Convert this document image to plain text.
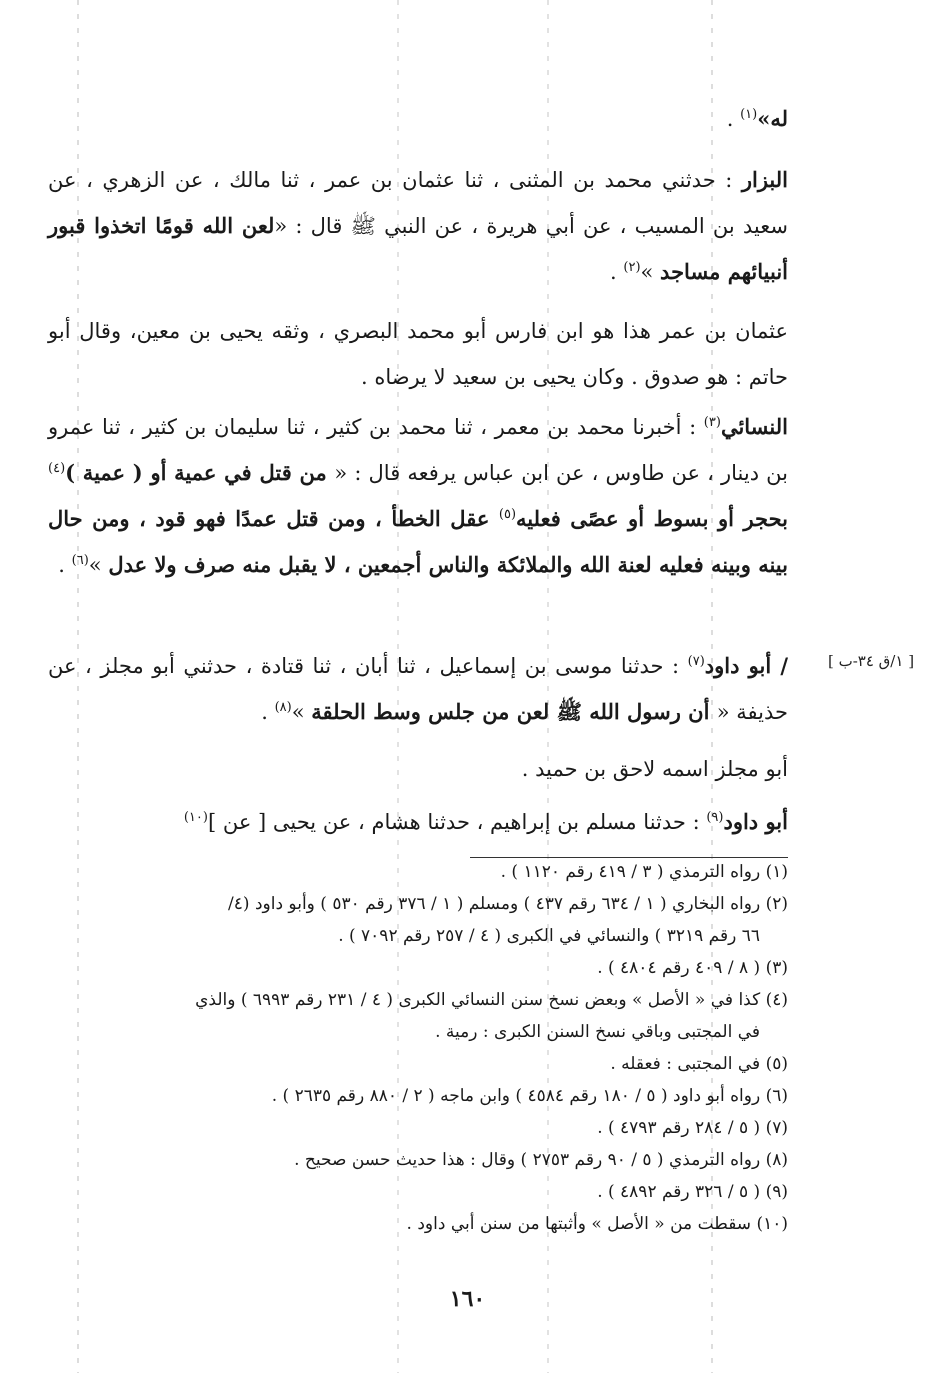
له»$^{(١)}$ .

البزار : حدثني محمد بن المثنى ، ثنا عثمان بن عمر ، ثنا مالك ، عن الزهري ، عن سعيد بن المسيب ، عن أبي هريرة ، عن النبي ﷺ قال : «لعن الله قومًا اتخذوا قبور أنبيائهم مساجد »$^{(٢)}$ .

عثمان بن عمر هذا هو ابن فارس أبو محمد البصري ، وثقه يحيى بن معين، وقال أبو حاتم : هو صدوق . وكان يحيى بن سعيد لا يرضاه .

النسائي$^{(٣)}$ : أخبرنا محمد بن معمر ، ثنا محمد بن كثير ، ثنا سليمان بن كثير ، ثنا عمرو بن دينار ، عن طاوس ، عن ابن عباس يرفعه قال : « من قتل في عمية أو ( عمية )$^{(٤)}$ بحجر أو بسوط أو عصًى فعليه$^{(٥)}$ عقل الخطأ ، ومن قتل عمدًا فهو قود ، ومن حال بينه وبينه فعليه لعنة الله والملائكة والناس أجمعين ، لا يقبل منه صرف ولا عدل »$^{(٦)}$ .

[ ١/ق ٣٤-ب ]

/ أبو داود$^{(٧)}$ : حدثنا موسى بن إسماعيل ، ثنا أبان ، ثنا قتادة ، حدثني أبو مجلز ، عن حذيفة « أن رسول الله ﷺ لعن من جلس وسط الحلقة »$^{(٨)}$ .

أبو مجلز اسمه لاحق بن حميد .

أبو داود$^{(٩)}$ : حدثنا مسلم بن إبراهيم ، حدثنا هشام ، عن يحيى [ عن ]$^{(١٠)}$

(١) رواه الترمذي ( ٣ / ٤١٩ رقم ١١٢٠ ) .

(٢) رواه البخاري ( ١ / ٦٣٤ رقم ٤٣٧ ) ومسلم ( ١ / ٣٧٦ رقم ٥٣٠ ) وأبو داود (٤/

٦٦ رقم ٣٢١٩ ) والنسائي في الكبرى ( ٤ / ٢٥٧ رقم ٧٠٩٢ ) .

(٣) ( ٨ / ٤٠٩ رقم ٤٨٠٤ ) .

(٤) كذا في « الأصل » وبعض نسخ سنن النسائي الكبرى ( ٤ / ٢٣١ رقم ٦٩٩٣ ) والذي

في المجتبى وباقي نسخ السنن الكبرى : رمية .

(٥) في المجتبى : فعقله .

(٦) رواه أبو داود ( ٥ / ١٨٠ رقم ٤٥٨٤ ) وابن ماجه ( ٢ / ٨٨٠ رقم ٢٦٣٥ ) .

(٧) ( ٥ / ٢٨٤ رقم ٤٧٩٣ ) .

(٨) رواه الترمذي ( ٥ / ٩٠ رقم ٢٧٥٣ ) وقال : هذا حديث حسن صحيح .

(٩) ( ٥ / ٣٢٦ رقم ٤٨٩٢ ) .

(١٠) سقطت من « الأصل » وأثبتها من سنن أبي داود .

١٦٠
